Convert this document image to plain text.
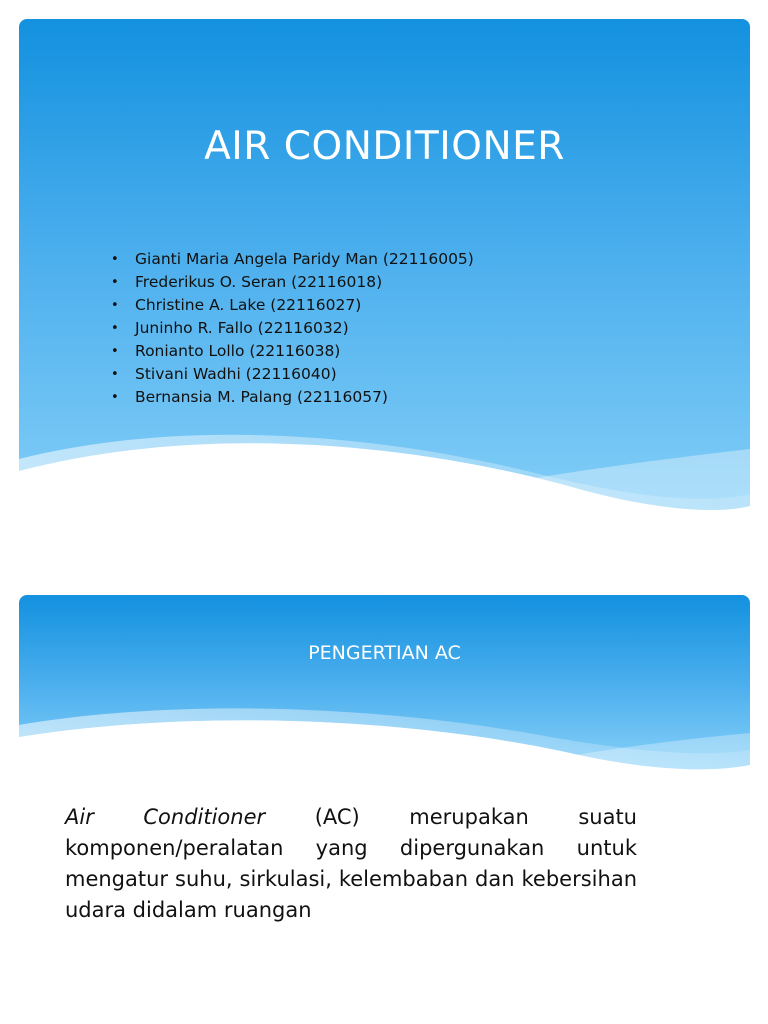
AIR CONDITIONER
• Gianti Maria Angela Paridy Man (22116005)
• Frederikus O. Seran (22116018)
• Christine A. Lake (22116027)
• Juninho R. Fallo (22116032)
• Ronianto Lollo (22116038)
• Stivani Wadhi (22116040)
• Bernansia M. Palang (22116057)
PENGERTIAN AC

Air Conditioner (AC) merupakan suatu komponen/peralatan yang dipergunakan untuk mengatur suhu, sirkulasi, kelembaban dan kebersihan udara didalam ruangan
